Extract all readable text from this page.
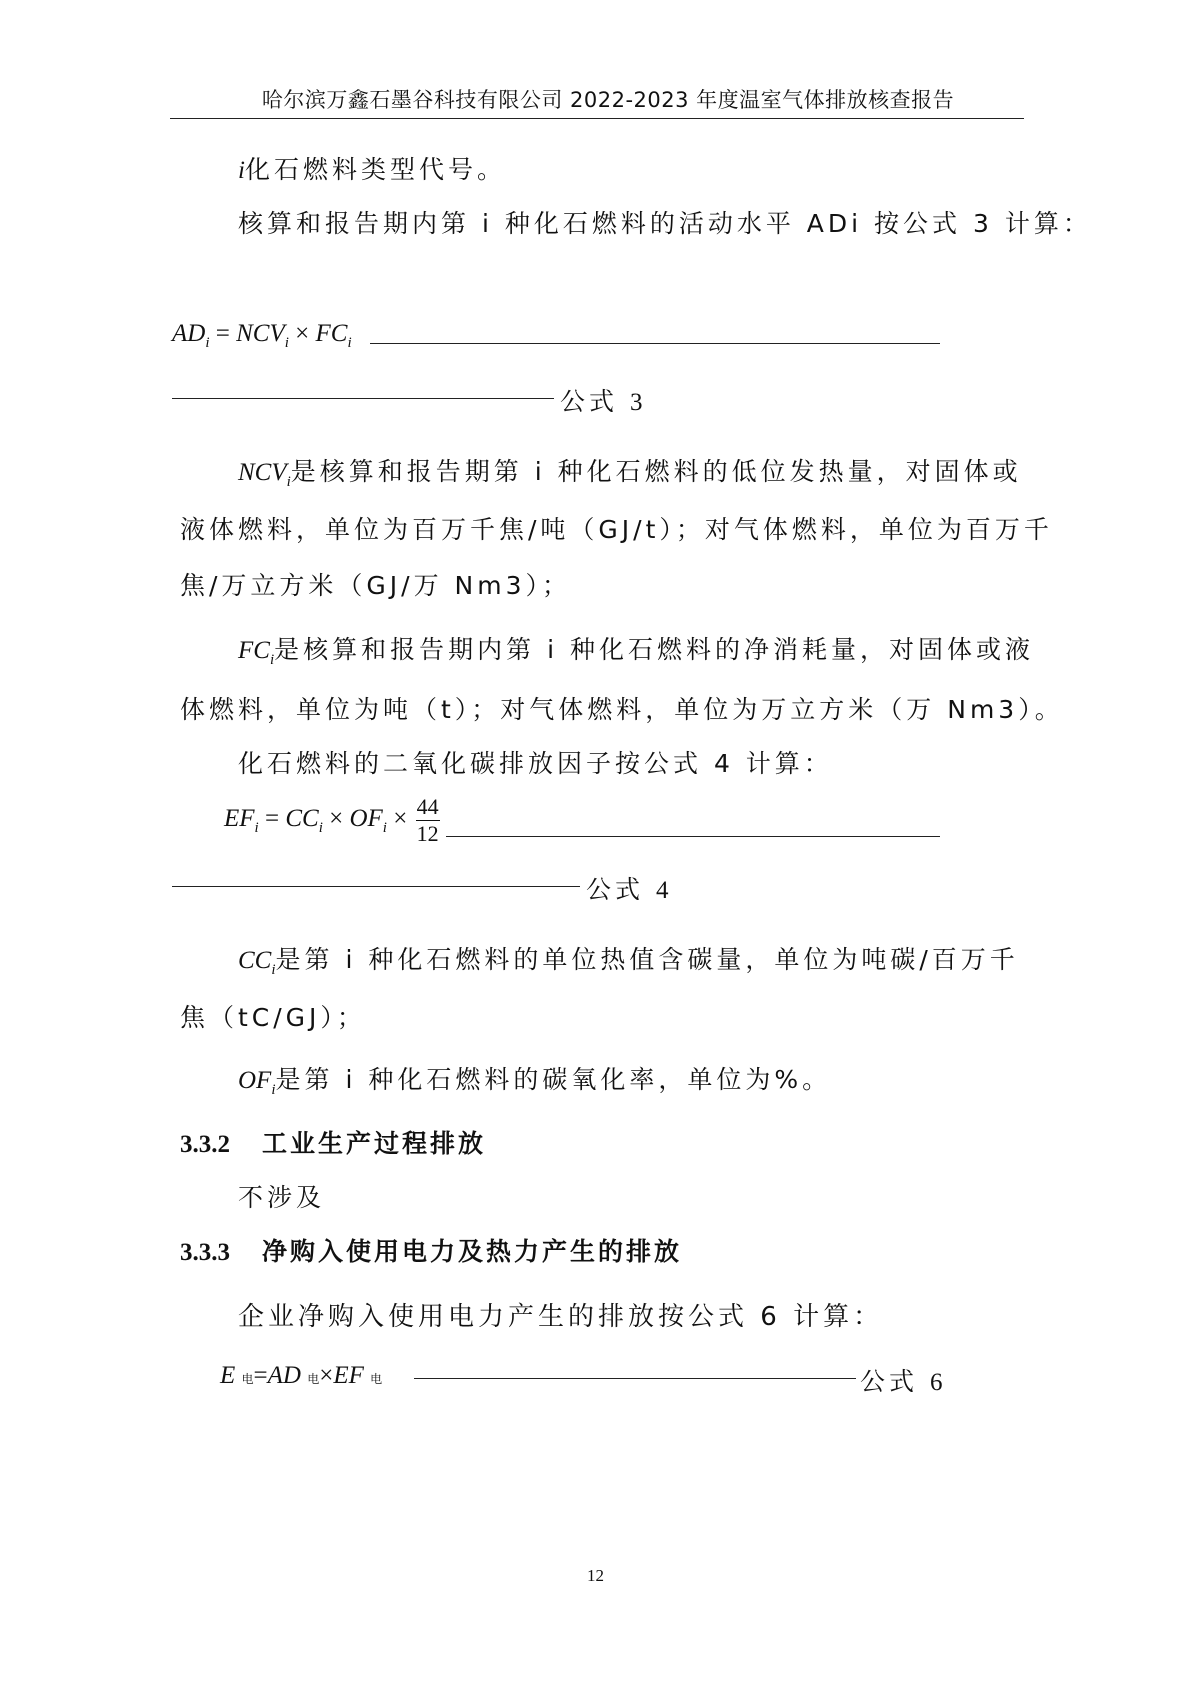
哈尔滨万鑫石墨谷科技有限公司 2022-2023 年度温室气体排放核查报告
i化石燃料类型代号。
核算和报告期内第 i 种化石燃料的活动水平 ADi 按公式 3 计算：
$AD_i = NCV_i \times FC_i$
公式 3
$NCV_i$是核算和报告期第 i 种化石燃料的低位发热量，对固体或
液体燃料，单位为百万千焦/吨（GJ/t）；对气体燃料，单位为百万千
焦/万立方米（GJ/万 Nm3）；
$FC_i$是核算和报告期内第 i 种化石燃料的净消耗量，对固体或液
体燃料，单位为吨（t）；对气体燃料，单位为万立方米（万 Nm3）。
化石燃料的二氧化碳排放因子按公式 4 计算：
$EF_i = CC_i \times OF_i \times \frac{44}{12}$
公式 4
$CC_i$是第 i 种化石燃料的单位热值含碳量，单位为吨碳/百万千
焦（tC/GJ）；
$OF_i$是第 i 种化石燃料的碳氧化率，单位为%。
3.3.2 工业生产过程排放
不涉及
3.3.3 净购入使用电力及热力产生的排放
企业净购入使用电力产生的排放按公式 6 计算：
E 电=AD 电×EF 电	公式 6
12
